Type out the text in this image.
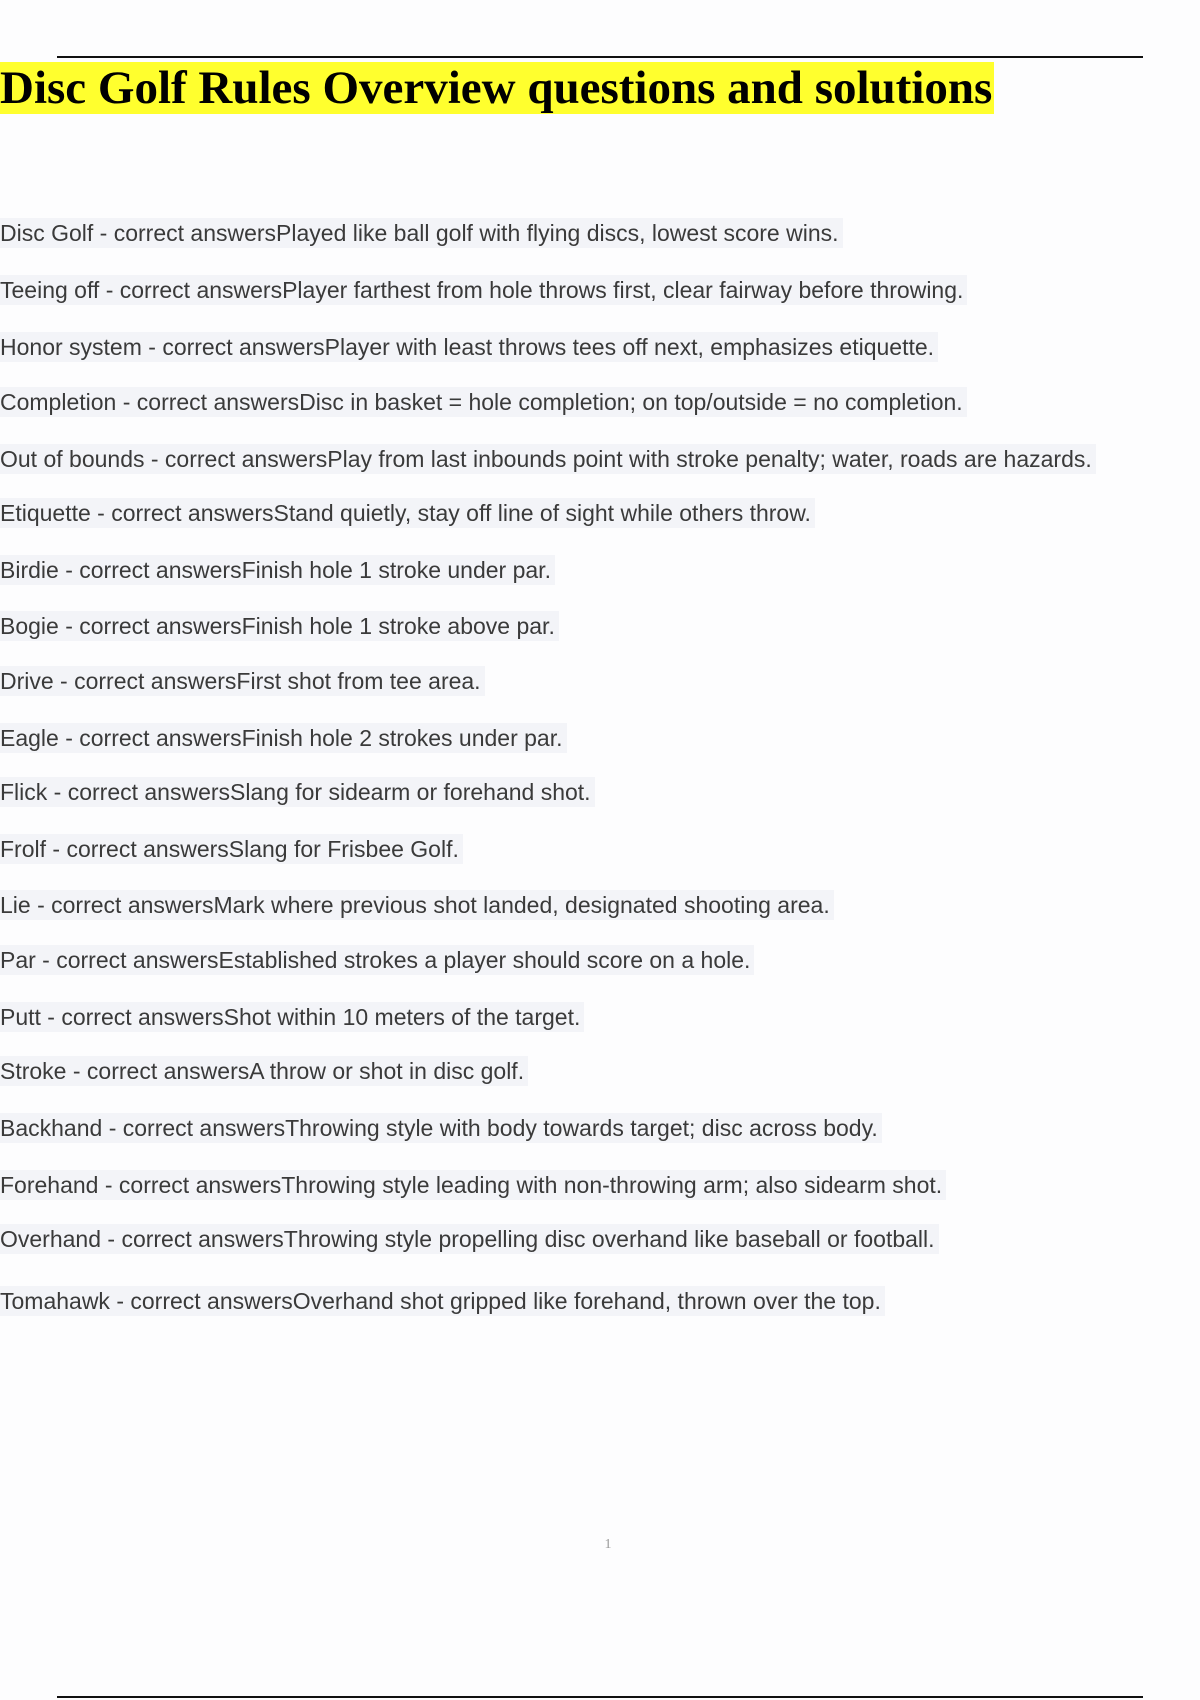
Disc Golf Rules Overview questions and solutions
Disc Golf - correct answersPlayed like ball golf with flying discs, lowest score wins.
Teeing off - correct answersPlayer farthest from hole throws first, clear fairway before throwing.
Honor system - correct answersPlayer with least throws tees off next, emphasizes etiquette.
Completion - correct answersDisc in basket = hole completion; on top/outside = no completion.
Out of bounds - correct answersPlay from last inbounds point with stroke penalty; water, roads are hazards.
Etiquette - correct answersStand quietly, stay off line of sight while others throw.
Birdie - correct answersFinish hole 1 stroke under par.
Bogie - correct answersFinish hole 1 stroke above par.
Drive - correct answersFirst shot from tee area.
Eagle - correct answersFinish hole 2 strokes under par.
Flick - correct answersSlang for sidearm or forehand shot.
Frolf - correct answersSlang for Frisbee Golf.
Lie - correct answersMark where previous shot landed, designated shooting area.
Par - correct answersEstablished strokes a player should score on a hole.
Putt - correct answersShot within 10 meters of the target.
Stroke - correct answersA throw or shot in disc golf.
Backhand - correct answersThrowing style with body towards target; disc across body.
Forehand - correct answersThrowing style leading with non-throwing arm; also sidearm shot.
Overhand - correct answersThrowing style propelling disc overhand like baseball or football.
Tomahawk - correct answersOverhand shot gripped like forehand, thrown over the top.
1
